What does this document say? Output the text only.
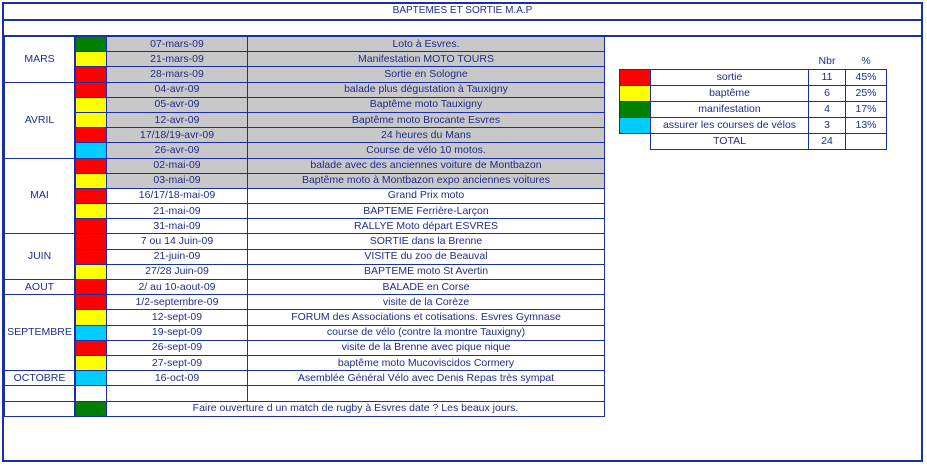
BAPTEMES ET SORTIE M.A.P
MARS		07-mars-09	Loto à Esvres.
		21-mars-09	Manifestation MOTO TOURS
		28-mars-09	Sortie en Sologne
AVRIL		04-avr-09	balade plus dégustation à Tauxigny
		05-avr-09	Baptême moto Tauxigny
		12-avr-09	Baptême moto Brocante Esvres
		17/18/19-avr-09	24 heures du Mans
		26-avr-09	Course de vélo 10 motos.
MAI		02-mai-09	balade avec des anciennes voiture de Montbazon
		03-mai-09	Baptême moto à Montbazon expo anciennes voitures
		16/17/18-mai-09	Grand Prix moto
		21-mai-09	BAPTEME Ferrière-Larçon
		31-mai-09	RALLYE Moto départ ESVRES
JUIN		7 ou 14 Juin-09	SORTIE dans la Brenne
		21-juin-09	VISITE du zoo de Beauval
		27/28 Juin-09	BAPTEME moto St Avertin
AOUT		2/ au 10-aout-09	BALADE en Corse
SEPTEMBRE		1/2-septembre-09	visite de la Corèze
		12-sept-09	FORUM des Associations et cotisations. Esvres Gymnase
		19-sept-09	course de vélo (contre la montre Tauxigny)
		26-sept-09	visite de la Brenne avec pique nique
		27-sept-09	baptême moto Mucoviscidos Cormery
OCTOBRE		16-oct-09	Asemblée Général Vélo avec Denis Repas très sympat

		Faire ouverture d un match de rugby à Esvres date ? Les beaux jours.	
		Nbr	%
	sortie	11	45%
	baptême	6	25%
	manifestation	4	17%
	assurer les courses de vélos	3	13%
	TOTAL	24	
